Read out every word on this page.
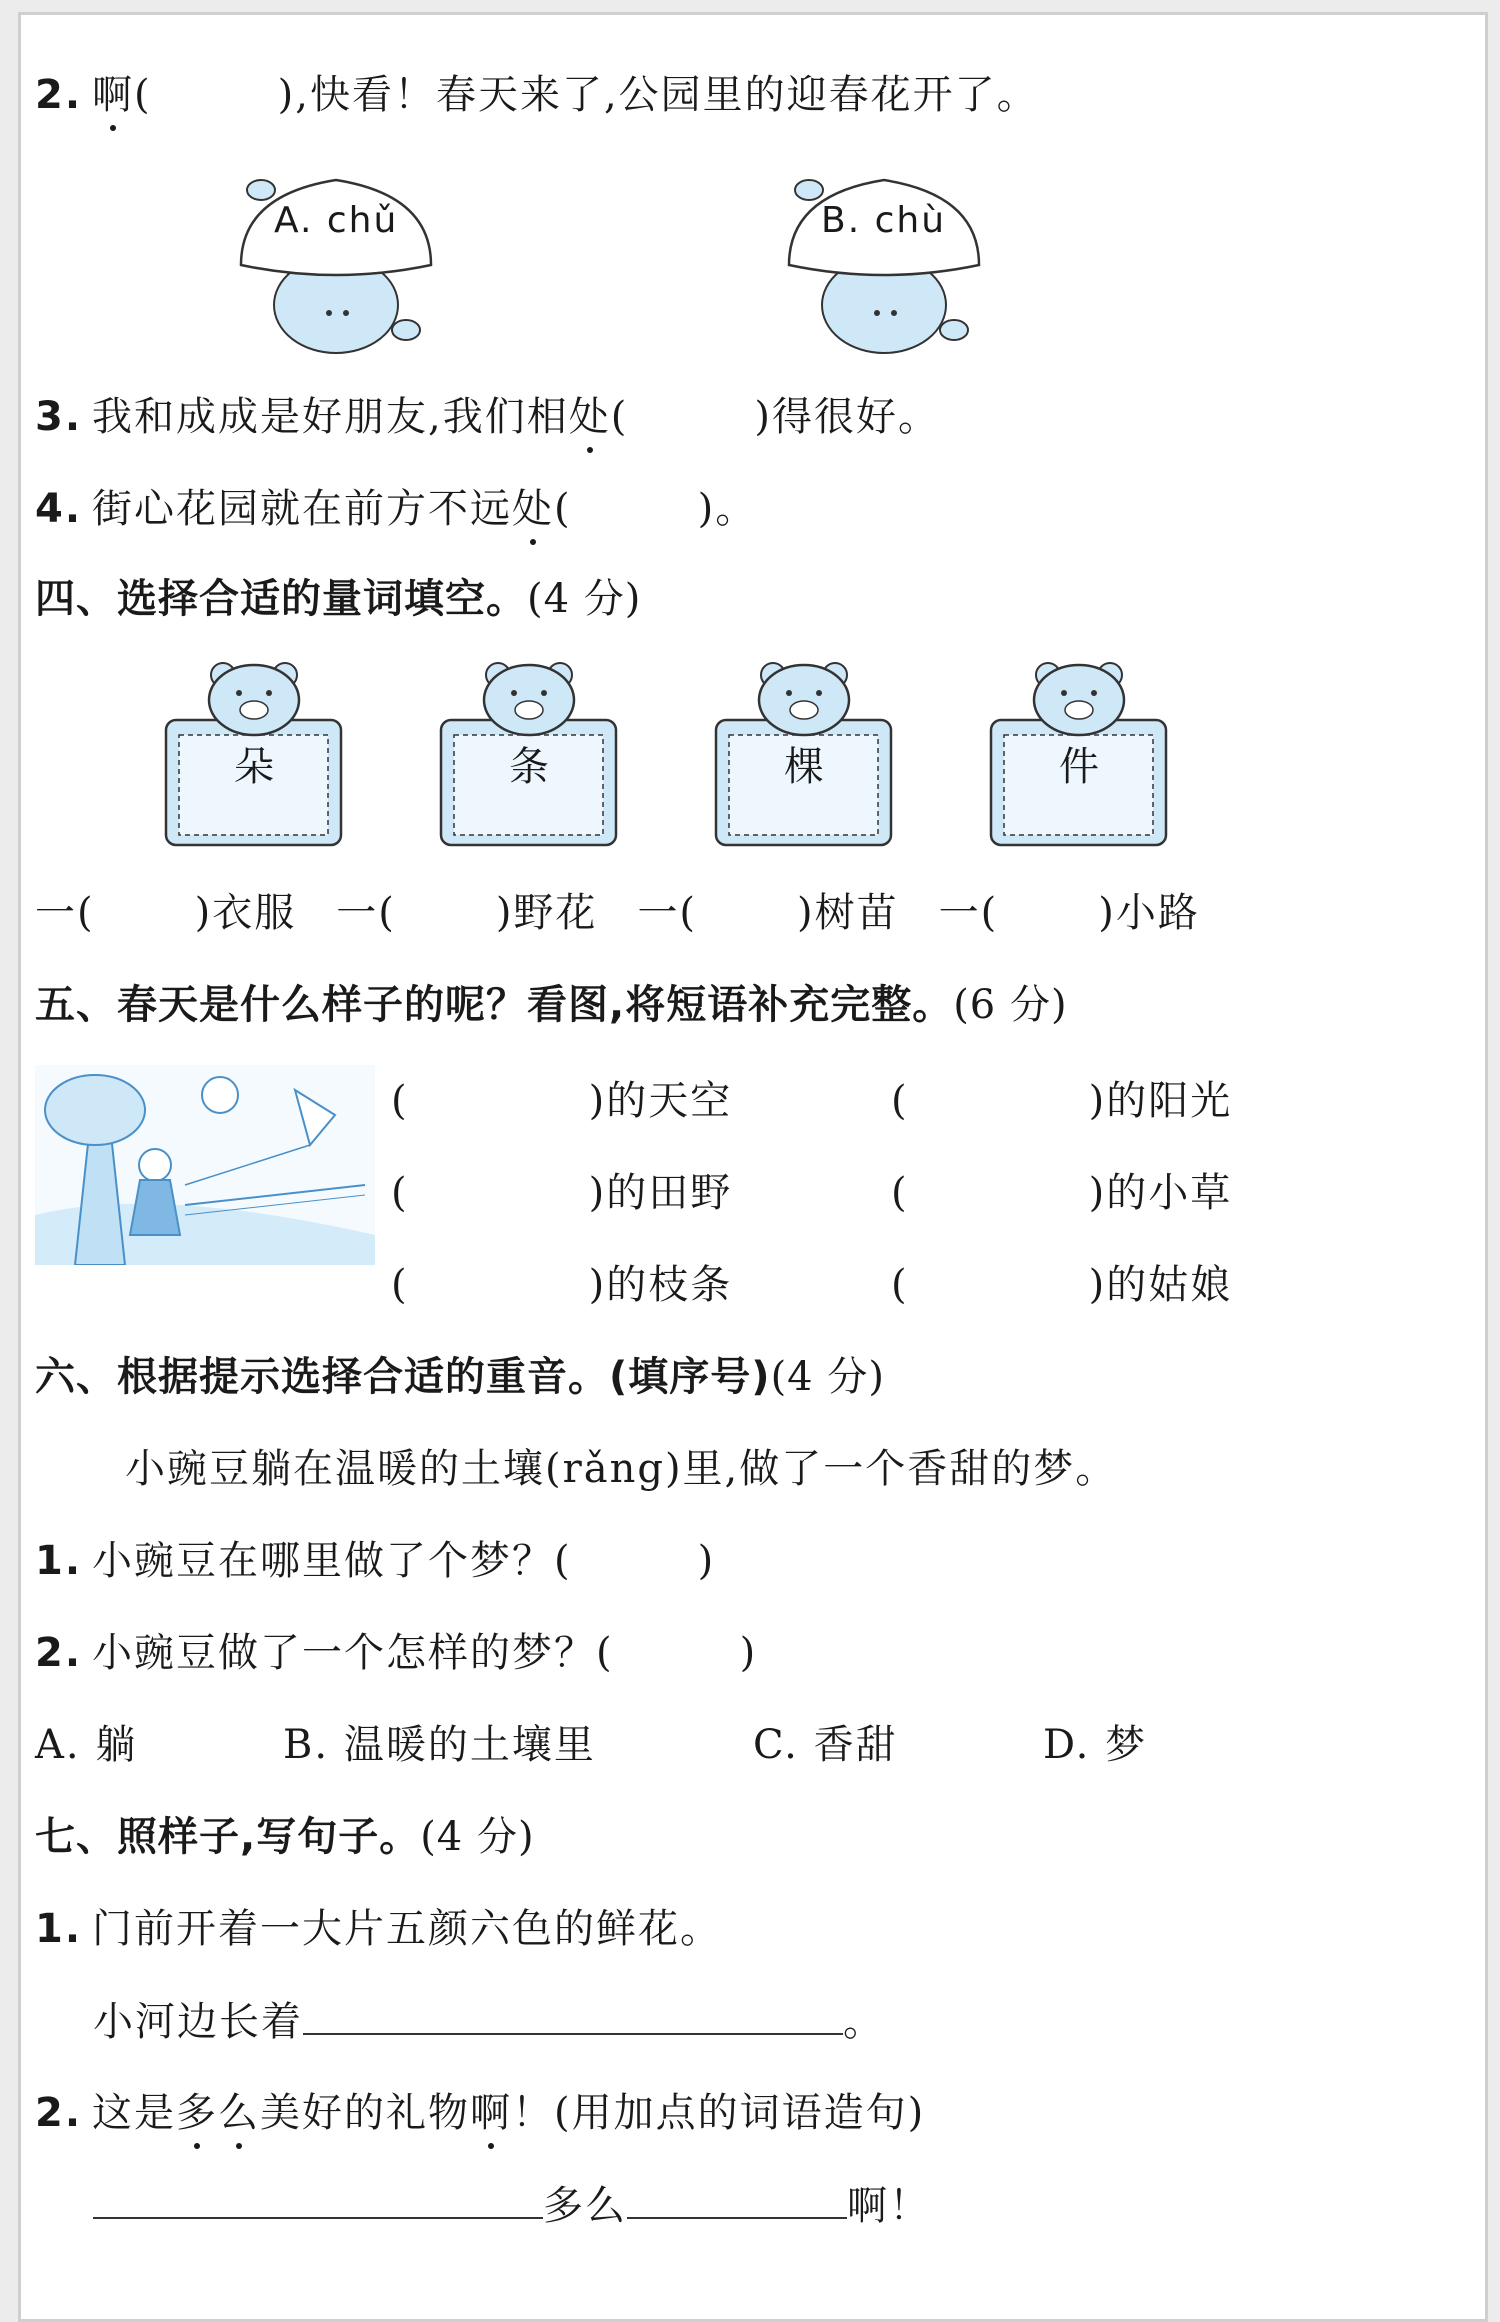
2. 啊(　　　),快看！春天来了,公园里的迎春花开了。
A. chǔ	B. chù
3. 我和成成是好朋友,我们相处(　　　)得很好。
4. 街心花园就在前方不远处(　　　)。
四、选择合适的量词填空。(4 分)
朵	条	棵	件
一(	)衣服 一(	)野花 一(	)树苗 一(	)小路
五、春天是什么样子的呢？看图,将短语补充完整。(6 分)
(	)的天空	(	)的阳光
(	)的田野	(	)的小草
(	)的枝条	(	)的姑娘
六、根据提示选择合适的重音。(填序号)(4 分)
小豌豆躺在温暖的土壤(rǎng)里,做了一个香甜的梦。
1. 小豌豆在哪里做了个梦？(　　　)
2. 小豌豆做了一个怎样的梦？(　　　)
A. 躺	B. 温暖的土壤里	C. 香甜	D. 梦
七、照样子,写句子。(4 分)
1. 门前开着一大片五颜六色的鲜花。
小河边长着	。
2. 这是多么美好的礼物啊！(用加点的词语造句)
多么	啊！
